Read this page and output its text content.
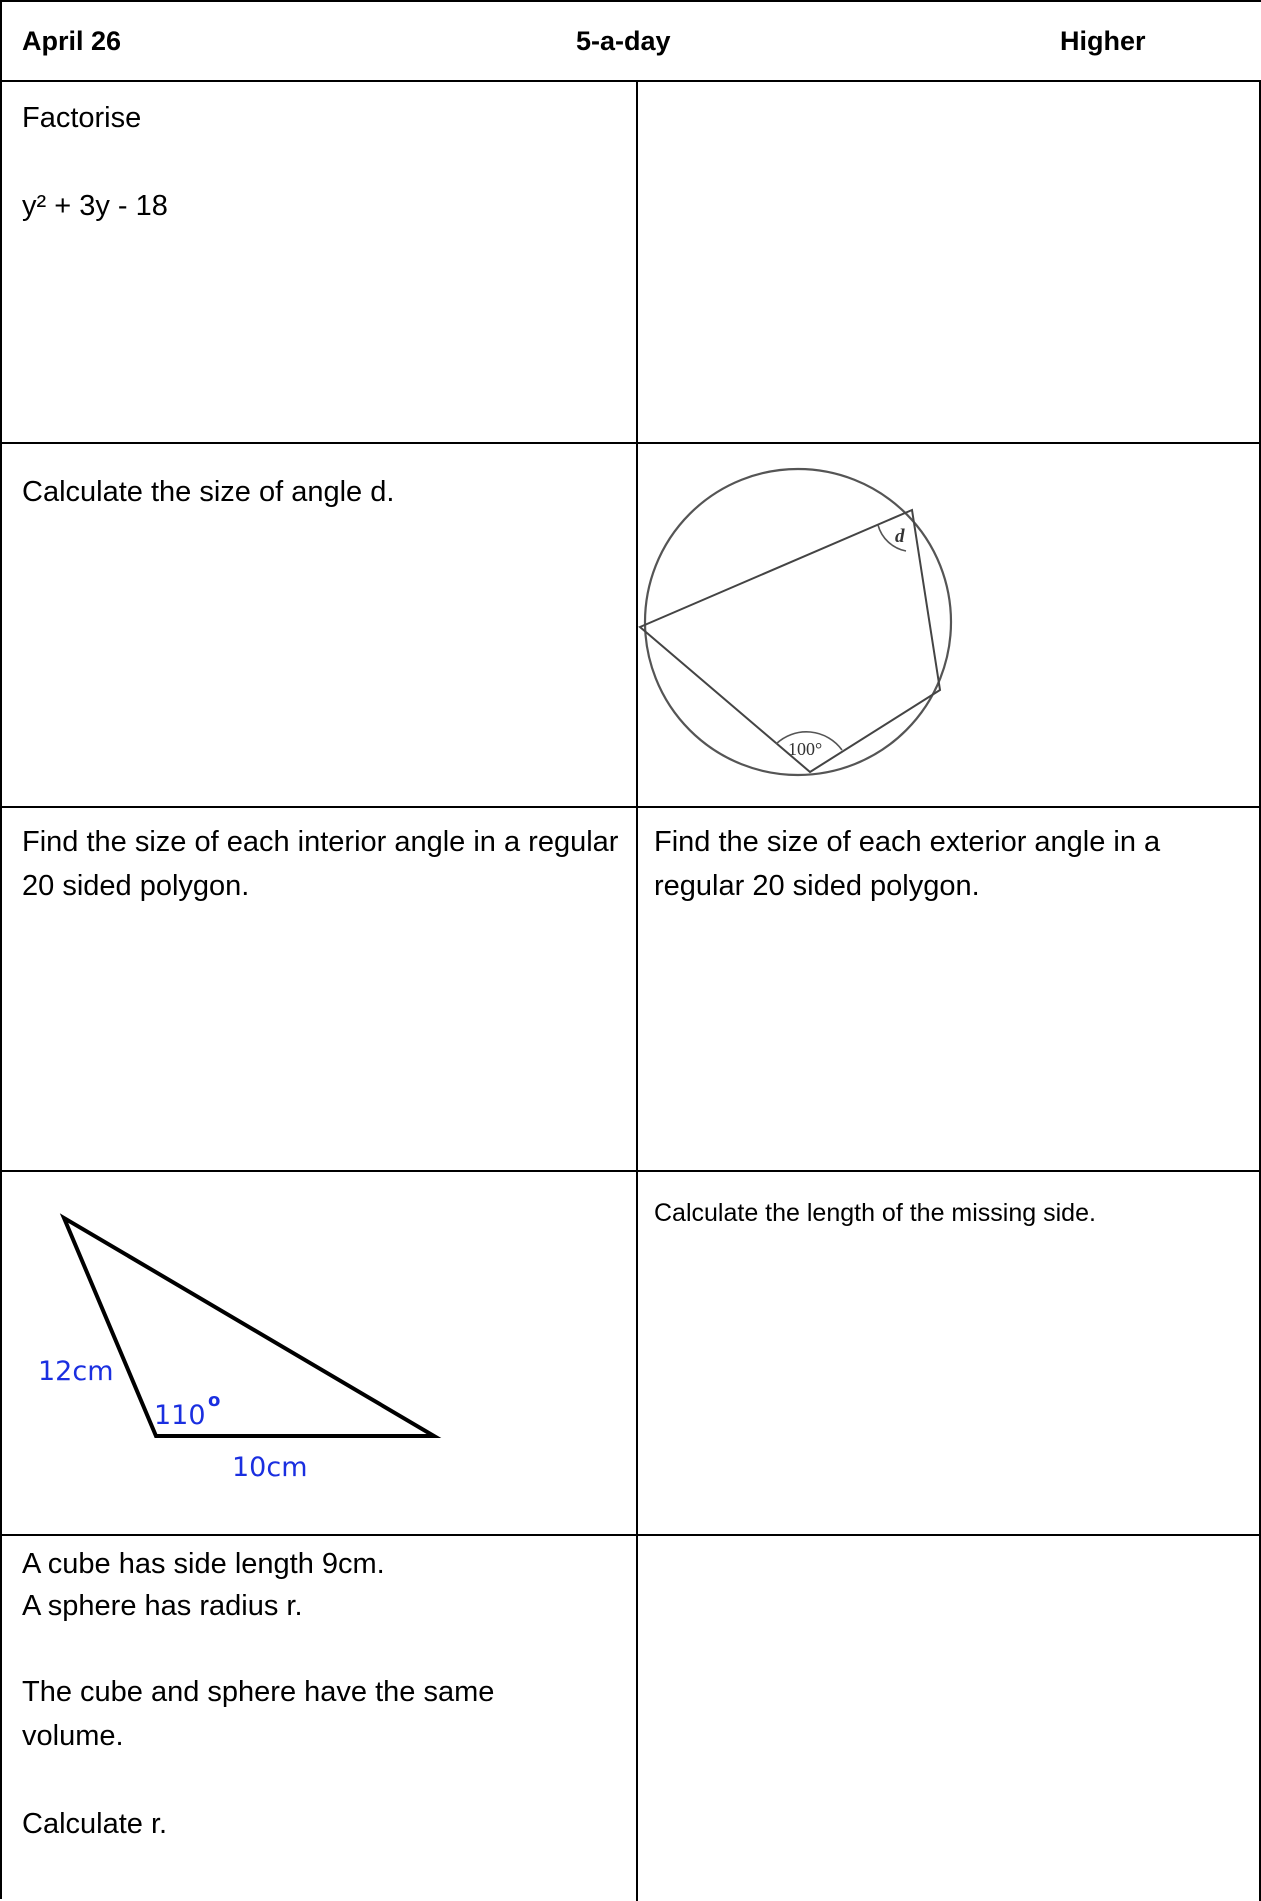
April 26	5-a-day	Higher

Factorise

y² + 3y - 18

Calculate the size of angle d.

d
100°

Find the size of each interior angle in a regular 20 sided polygon.

Find the size of each exterior angle in a regular 20 sided polygon.

12cm
110 o
10cm

Calculate the length of the missing side.

A cube has side length 9cm.

A sphere has radius r.

The cube and sphere have the same volume.

Calculate r.
